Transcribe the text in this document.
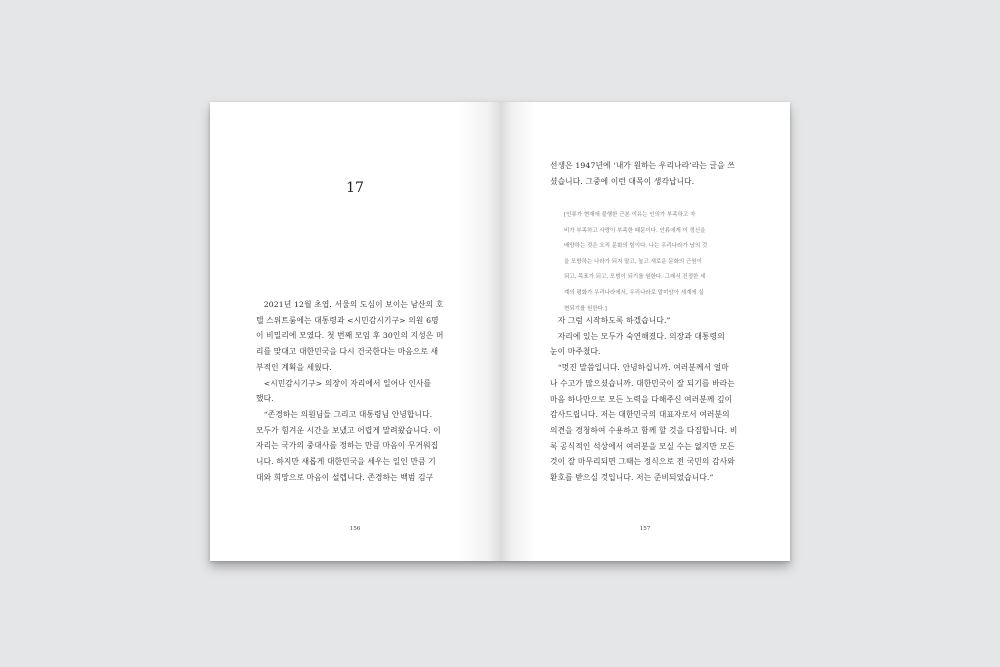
17

2021년 12월 초엽. 서울의 도심이 보이는 남산의 호
텔 스위트룸에는 대통령과 <시민감시기구> 의원 6명
이 비밀리에 모였다. 첫 번째 모임 후 30인의 지성은 머
리를 맞대고 대한민국을 다시 건국한다는 마음으로 새
부적인 계획을 세웠다.

<시민감시기구> 의장이 자리에서 일어나 인사를
했다.

“존경하는 의원님들 그리고 대통령님 안녕합니다.
모두가 힘겨운 시간을 보냈고 어렵게 말려왔습니다. 이
자리는 국가의 중대사를 정하는 만큼 마음이 무거워집
니다. 하지만 새롭게 대한민국을 세우는 일인 만큼 기
대와 희망으로 마음이 설렙니다. 존경하는 백범 김구

156

선생은 1947년에 ‘내가 원하는 우리나라’라는 글을 쓰
셨습니다. 그중에 이런 대목이 생각납니다.

[인류가 현재에 불행한 근본 이유는 인의가 부족하고 자
비가 부족하고 사랑이 부족한 때문이다. 인류에게 이 정신을
배양하는 것은 오직 문화의 힘이다. 나는 우리나라가 남의 것
을 모방하는 나라가 되지 말고, 높고 새로운 문화의 근원이
되고, 목표가 되고, 모범이 되기를 원한다. 그래서 진정한 세
계의 평화가 우리나라에서, 우리나라로 말미암아 세계에 실
현되기를 원한다.]

자 그럼 시작하도록 하겠습니다.”

자리에 있는 모두가 숙연해졌다. 의장과 대통령의
눈이 마주쳤다.

“멋진 말씀입니다. 안녕하십니까. 여러분께서 얼마
나 수고가 많으셨습니까. 대한민국이 잘 되기를 바라는
마음 하나만으로 모든 노력을 다해주신 여러분께 깊이
감사드립니다. 저는 대한민국의 대표자로서 여러분의
의견을 경청하여 수용하고 함께 할 것을 다짐합니다. 비
록 공식적인 석상에서 여러분을 모실 수는 없지만 모든
것이 잘 마무리되면 그때는 정식으로 전 국민의 감사와
환호를 받으실 것입니다. 저는 준비되었습니다.”

157
